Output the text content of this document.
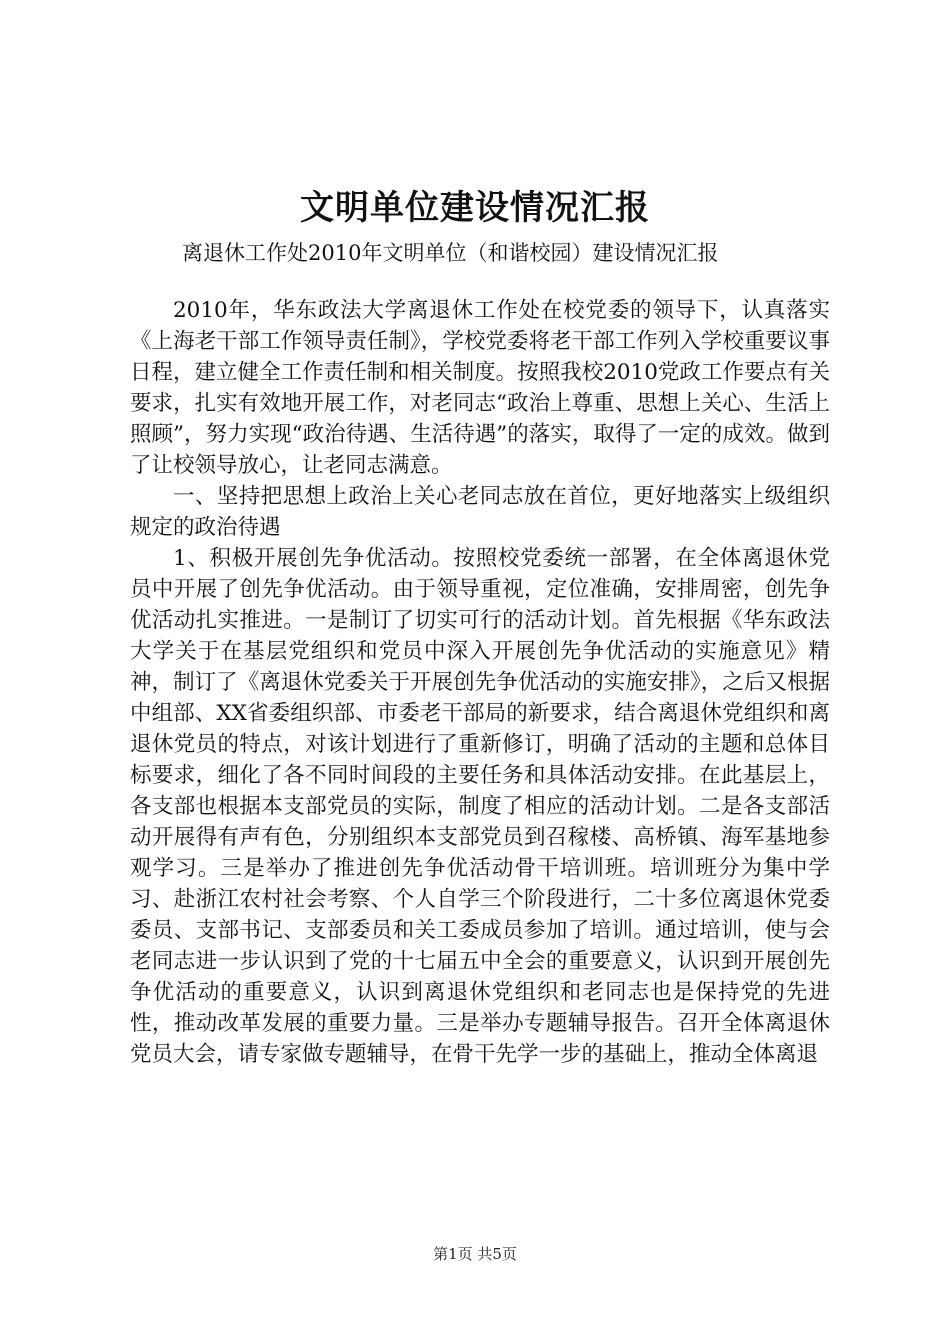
文明单位建设情况汇报
离退休工作处2010年文明单位（和谐校园）建设情况汇报

2010年，华东政法大学离退休工作处在校党委的领导下，认真落实《上海老干部工作领导责任制》，学校党委将老干部工作列入学校重要议事日程，建立健全工作责任制和相关制度。按照我校2010党政工作要点有关要求，扎实有效地开展工作，对老同志“政治上尊重、思想上关心、生活上照顾”，努力实现“政治待遇、生活待遇”的落实，取得了一定的成效。做到了让校领导放心，让老同志满意。

一、坚持把思想上政治上关心老同志放在首位，更好地落实上级组织规定的政治待遇

1、积极开展创先争优活动。按照校党委统一部署，在全体离退休党员中开展了创先争优活动。由于领导重视，定位准确，安排周密，创先争优活动扎实推进。一是制订了切实可行的活动计划。首先根据《华东政法大学关于在基层党组织和党员中深入开展创先争优活动的实施意见》精神，制订了《离退休党委关于开展创先争优活动的实施安排》，之后又根据中组部、XX省委组织部、市委老干部局的新要求，结合离退休党组织和离退休党员的特点，对该计划进行了重新修订，明确了活动的主题和总体目标要求，细化了各不同时间段的主要任务和具体活动安排。在此基层上，各支部也根据本支部党员的实际，制度了相应的活动计划。二是各支部活动开展得有声有色，分别组织本支部党员到召稼楼、高桥镇、海军基地参观学习。三是举办了推进创先争优活动骨干培训班。培训班分为集中学习、赴浙江农村社会考察、个人自学三个阶段进行，二十多位离退休党委委员、支部书记、支部委员和关工委成员参加了培训。通过培训，使与会老同志进一步认识到了党的十七届五中全会的重要意义，认识到开展创先争优活动的重要意义，认识到离退休党组织和老同志也是保持党的先进性，推动改革发展的重要力量。三是举办专题辅导报告。召开全体离退休党员大会，请专家做专题辅导，在骨干先学一步的基础上，推动全体离退

第1页 共5页
